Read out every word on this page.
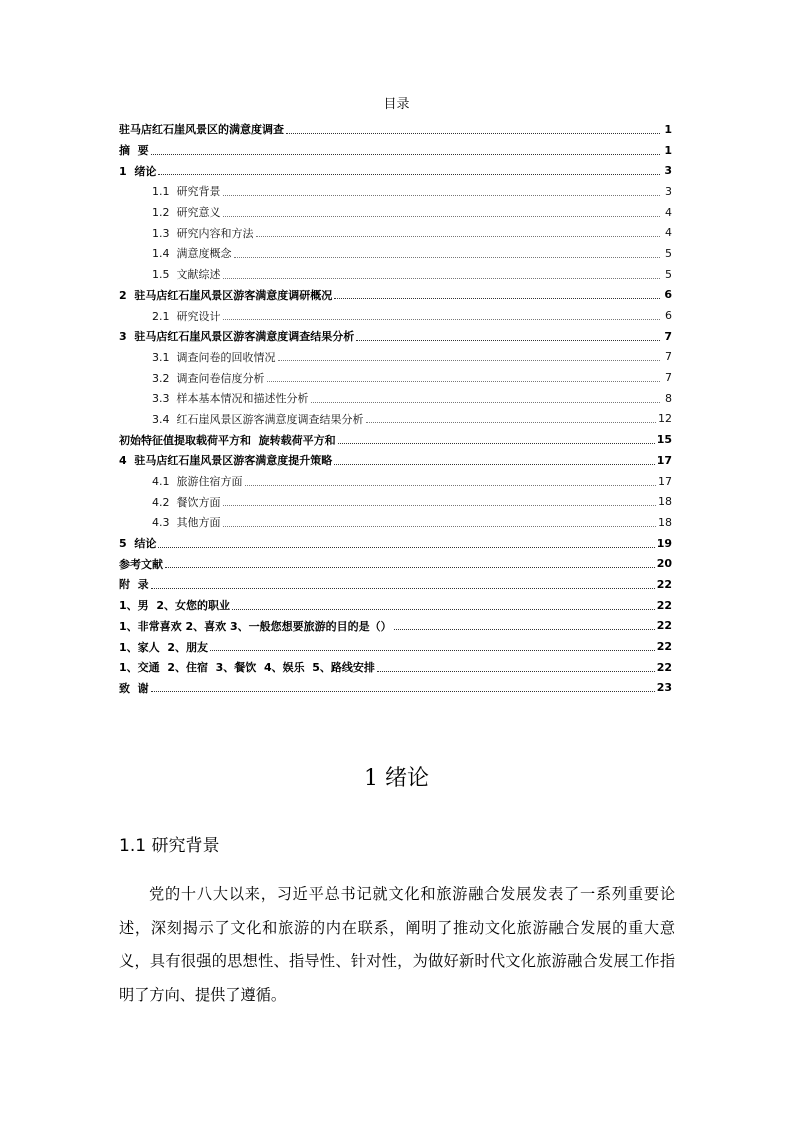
目录
驻马店红石崖风景区的满意度调查	1
摘  要	1
1  绪论	3
1.1  研究背景	3
1.2  研究意义	4
1.3  研究内容和方法	4
1.4  满意度概念	5
1.5  文献综述	5
2  驻马店红石崖风景区游客满意度调研概况	6
2.1  研究设计	6
3  驻马店红石崖风景区游客满意度调查结果分析	7
3.1  调查问卷的回收情况	7
3.2  调查问卷信度分析	7
3.3  样本基本情况和描述性分析	8
3.4  红石崖风景区游客满意度调查结果分析	12
初始特征值提取载荷平方和  旋转载荷平方和	15
4  驻马店红石崖风景区游客满意度提升策略	17
4.1  旅游住宿方面	17
4.2  餐饮方面	18
4.3  其他方面	18
5  结论	19
参考文献	20
附  录	22
1、男  2、女您的职业	22
1、非常喜欢 2、喜欢 3、一般您想要旅游的目的是（）	22
1、家人  2、朋友	22
1、交通  2、住宿  3、餐饮  4、娱乐  5、路线安排	22
致  谢	23
1 绪论
1.1 研究背景
党的十八大以来，习近平总书记就文化和旅游融合发展发表了一系列重要论述，深刻揭示了文化和旅游的内在联系，阐明了推动文化旅游融合发展的重大意义，具有很强的思想性、指导性、针对性，为做好新时代文化旅游融合发展工作指明了方向、提供了遵循。
